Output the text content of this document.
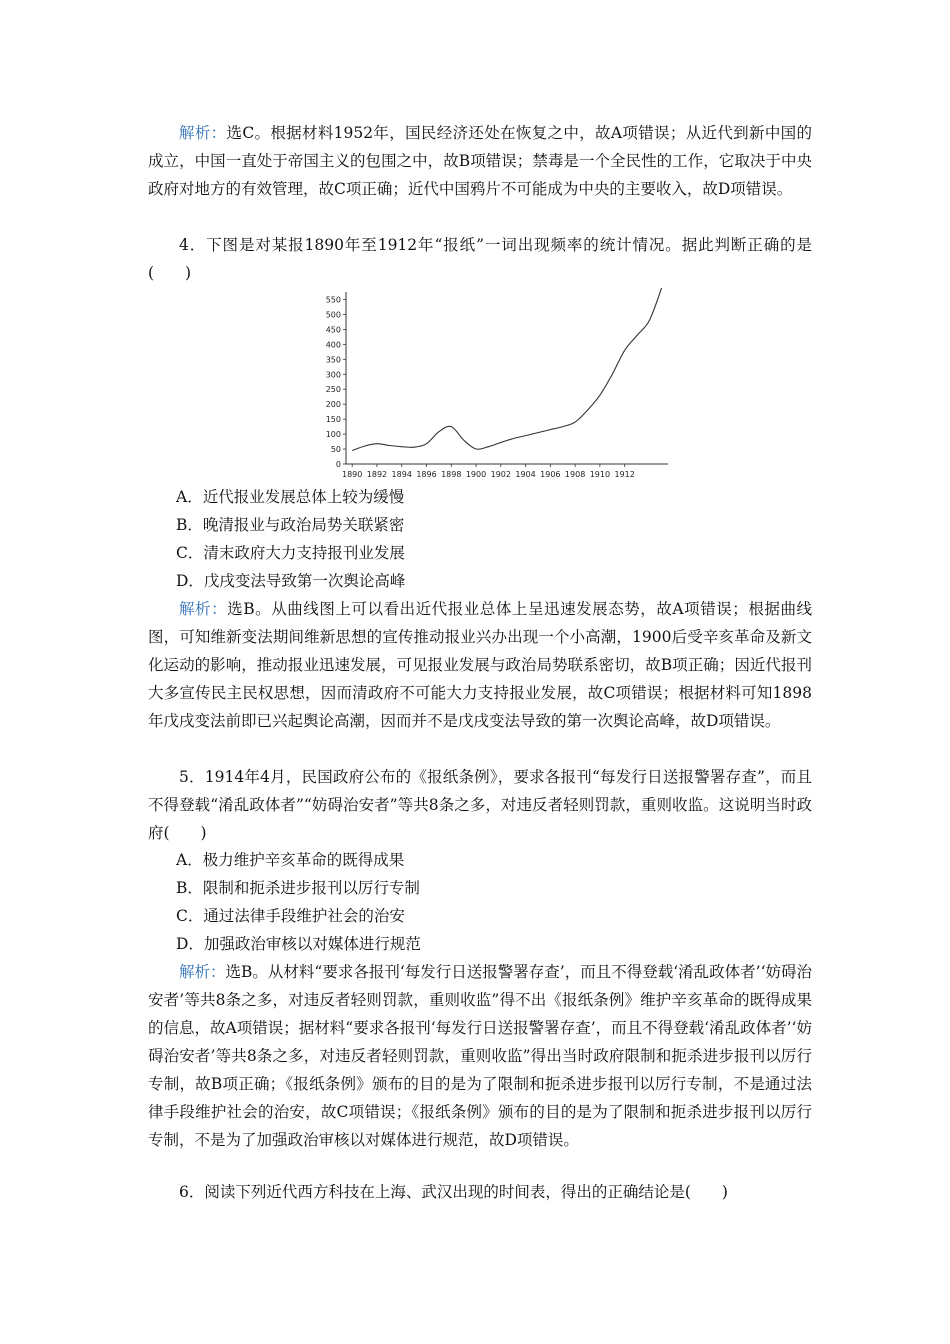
解析：选C。根据材料1952年，国民经济还处在恢复之中，故A项错误；从近代到新中国的成立，中国一直处于帝国主义的包围之中，故B项错误；禁毒是一个全民性的工作，它取决于中央政府对地方的有效管理，故C项正确；近代中国鸦片不可能成为中央的主要收入，故D项错误。

4．下图是对某报1890年至1912年“报纸”一词出现频率的统计情况。据此判断正确的是(　　)

0
50
100
150
200
250
300
350
400
450
500
550
1890 1892 1894 1896 1898 1900 1902 1904 1906 1908 1910 1912

A．近代报业发展总体上较为缓慢

B．晚清报业与政治局势关联紧密

C．清末政府大力支持报刊业发展

D．戊戌变法导致第一次舆论高峰

解析：选B。从曲线图上可以看出近代报业总体上呈迅速发展态势，故A项错误；根据曲线图，可知维新变法期间维新思想的宣传推动报业兴办出现一个小高潮，1900后受辛亥革命及新文化运动的影响，推动报业迅速发展，可见报业发展与政治局势联系密切，故B项正确；因近代报刊大多宣传民主民权思想，因而清政府不可能大力支持报业发展，故C项错误；根据材料可知1898年戊戌变法前即已兴起舆论高潮，因而并不是戊戌变法导致的第一次舆论高峰，故D项错误。

5．1914年4月，民国政府公布的《报纸条例》，要求各报刊“每发行日送报警署存查”，而且不得登载“淆乱政体者”“妨碍治安者”等共8条之多，对违反者轻则罚款，重则收监。这说明当时政府(　　)

A．极力维护辛亥革命的既得成果

B．限制和扼杀进步报刊以厉行专制

C．通过法律手段维护社会的治安

D．加强政治审核以对媒体进行规范

解析：选B。从材料“要求各报刊‘每发行日送报警署存查’，而且不得登载‘淆乱政体者’‘妨碍治安者’等共8条之多，对违反者轻则罚款，重则收监”得不出《报纸条例》维护辛亥革命的既得成果的信息，故A项错误；据材料“要求各报刊‘每发行日送报警署存查’，而且不得登载‘淆乱政体者’‘妨碍治安者’等共8条之多，对违反者轻则罚款，重则收监”得出当时政府限制和扼杀进步报刊以厉行专制，故B项正确；《报纸条例》颁布的目的是为了限制和扼杀进步报刊以厉行专制，不是通过法律手段维护社会的治安，故C项错误；《报纸条例》颁布的目的是为了限制和扼杀进步报刊以厉行专制，不是为了加强政治审核以对媒体进行规范，故D项错误。

6．阅读下列近代西方科技在上海、武汉出现的时间表，得出的正确结论是(　　)
